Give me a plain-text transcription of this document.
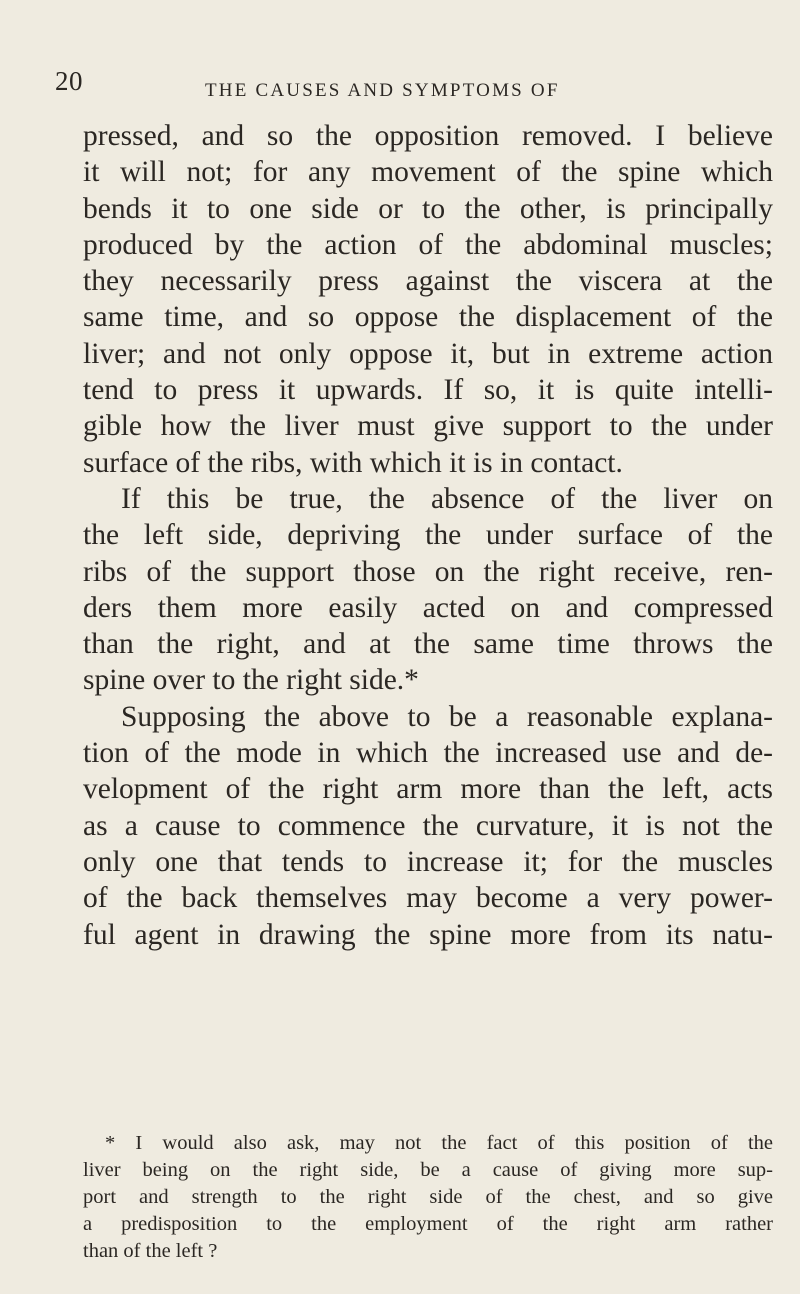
20	THE CAUSES AND SYMPTOMS OF
pressed, and so the opposition removed. I believe
it will not; for any movement of the spine which
bends it to one side or to the other, is principally
produced by the action of the abdominal muscles;
they necessarily press against the viscera at the
same time, and so oppose the displacement of the
liver; and not only oppose it, but in extreme action
tend to press it upwards. If so, it is quite intelli-
gible how the liver must give support to the under
surface of the ribs, with which it is in contact.
If this be true, the absence of the liver on
the left side, depriving the under surface of the
ribs of the support those on the right receive, ren-
ders them more easily acted on and compressed
than the right, and at the same time throws the
spine over to the right side.*
Supposing the above to be a reasonable explana-
tion of the mode in which the increased use and de-
velopment of the right arm more than the left, acts
as a cause to commence the curvature, it is not the
only one that tends to increase it; for the muscles
of the back themselves may become a very power-
ful agent in drawing the spine more from its natu-
* I would also ask, may not the fact of this position of the
liver being on the right side, be a cause of giving more sup-
port and strength to the right side of the chest, and so give
a predisposition to the employment of the right arm rather
than of the left ?
